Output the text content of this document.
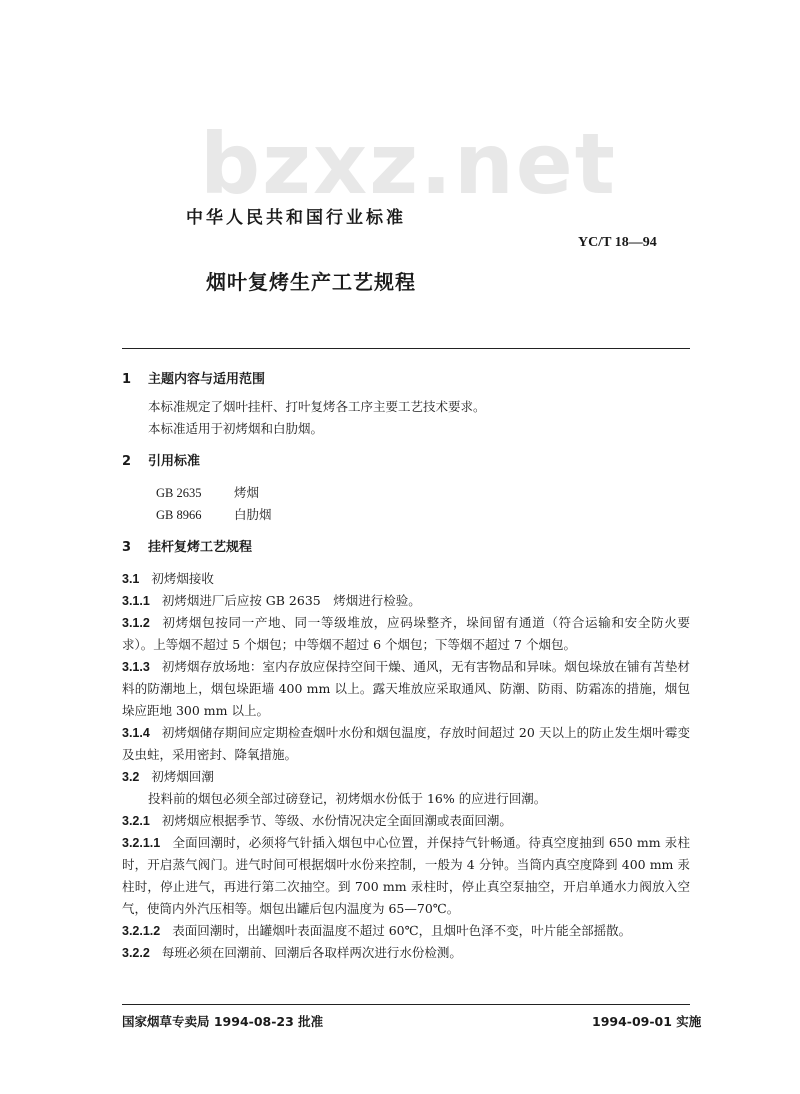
bzxz.net
中华人民共和国行业标准
YC/T 18—94
烟叶复烤生产工艺规程

1 主题内容与适用范围

本标准规定了烟叶挂杆、打叶复烤各工序主要工艺技术要求。

本标准适用于初烤烟和白肋烟。

2 引用标准

GB 2635	烤烟

GB 8966	白肋烟

3 挂杆复烤工艺规程

3.1 初烤烟接收

3.1.1 初烤烟进厂后应按 GB 2635　烤烟进行检验。

3.1.2 初烤烟包按同一产地、同一等级堆放，应码垛整齐，垛间留有通道（符合运输和安全防火要求）。上等烟不超过 5 个烟包；中等烟不超过 6 个烟包；下等烟不超过 7 个烟包。

3.1.3 初烤烟存放场地：室内存放应保持空间干燥、通风，无有害物品和异味。烟包垛放在铺有苫垫材料的防潮地上，烟包垛距墙 400 mm 以上。露天堆放应采取通风、防潮、防雨、防霜冻的措施，烟包垛应距地 300 mm 以上。

3.1.4 初烤烟储存期间应定期检查烟叶水份和烟包温度，存放时间超过 20 天以上的防止发生烟叶霉变及虫蛀，采用密封、降氧措施。

3.2 初烤烟回潮

投料前的烟包必须全部过磅登记，初烤烟水份低于 16% 的应进行回潮。

3.2.1 初烤烟应根据季节、等级、水份情况决定全面回潮或表面回潮。

3.2.1.1 全面回潮时，必须将气针插入烟包中心位置，并保持气针畅通。待真空度抽到 650 mm 汞柱时，开启蒸气阀门。进气时间可根据烟叶水份来控制，一般为 4 分钟。当筒内真空度降到 400 mm 汞柱时，停止进气，再进行第二次抽空。到 700 mm 汞柱时，停止真空泵抽空，开启单通水力阀放入空气，使筒内外汽压相等。烟包出罐后包内温度为 65—70℃。

3.2.1.2 表面回潮时，出罐烟叶表面温度不超过 60℃，且烟叶色泽不变，叶片能全部摇散。

3.2.2 每班必须在回潮前、回潮后各取样两次进行水份检测。

国家烟草专卖局 1994-08-23 批准	1994-09-01 实施
